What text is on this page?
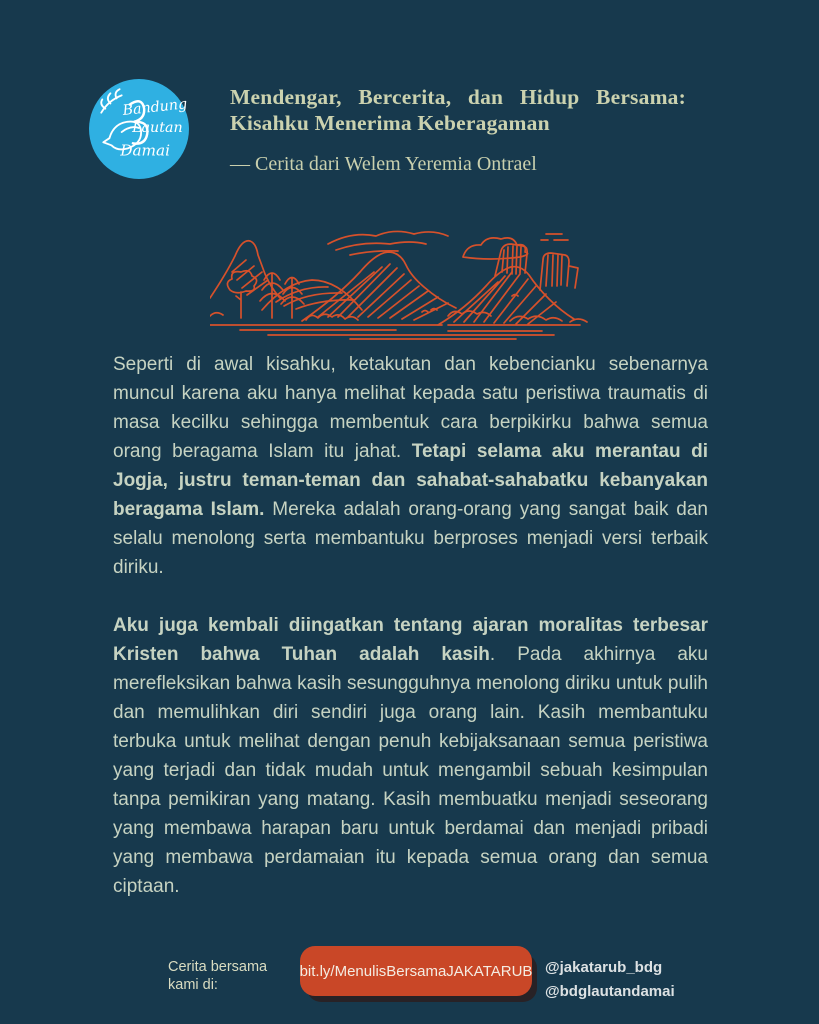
Bandung
Lautan
Damai
Mendengar, Bercerita, dan Hidup Bersama: Kisahku Menerima Keberagaman

— Cerita dari Welem Yeremia Ontrael

Seperti di awal kisahku, ketakutan dan kebencianku sebenarnya muncul karena aku hanya melihat kepada satu peristiwa traumatis di masa kecilku sehingga membentuk cara berpikirku bahwa semua orang beragama Islam itu jahat. Tetapi selama aku merantau di Jogja, justru teman-teman dan sahabat-sahabatku kebanyakan beragama Islam. Mereka adalah orang-orang yang sangat baik dan selalu menolong serta membantuku berproses menjadi versi terbaik diriku.

Aku juga kembali diingatkan tentang ajaran moralitas terbesar Kristen bahwa Tuhan adalah kasih. Pada akhirnya aku merefleksikan bahwa kasih sesungguhnya menolong diriku untuk pulih dan memulihkan diri sendiri juga orang lain. Kasih membantuku terbuka untuk melihat dengan penuh kebijaksanaan semua peristiwa yang terjadi dan tidak mudah untuk mengambil sebuah kesimpulan tanpa pemikiran yang matang. Kasih membuatku menjadi seseorang yang membawa harapan baru untuk berdamai dan menjadi pribadi yang membawa perdamaian itu kepada semua orang dan semua ciptaan.

Cerita bersama kami di:
bit.ly/MenulisBersamaJAKATARUB @jakatarub_bdg
@bdglautandamai
